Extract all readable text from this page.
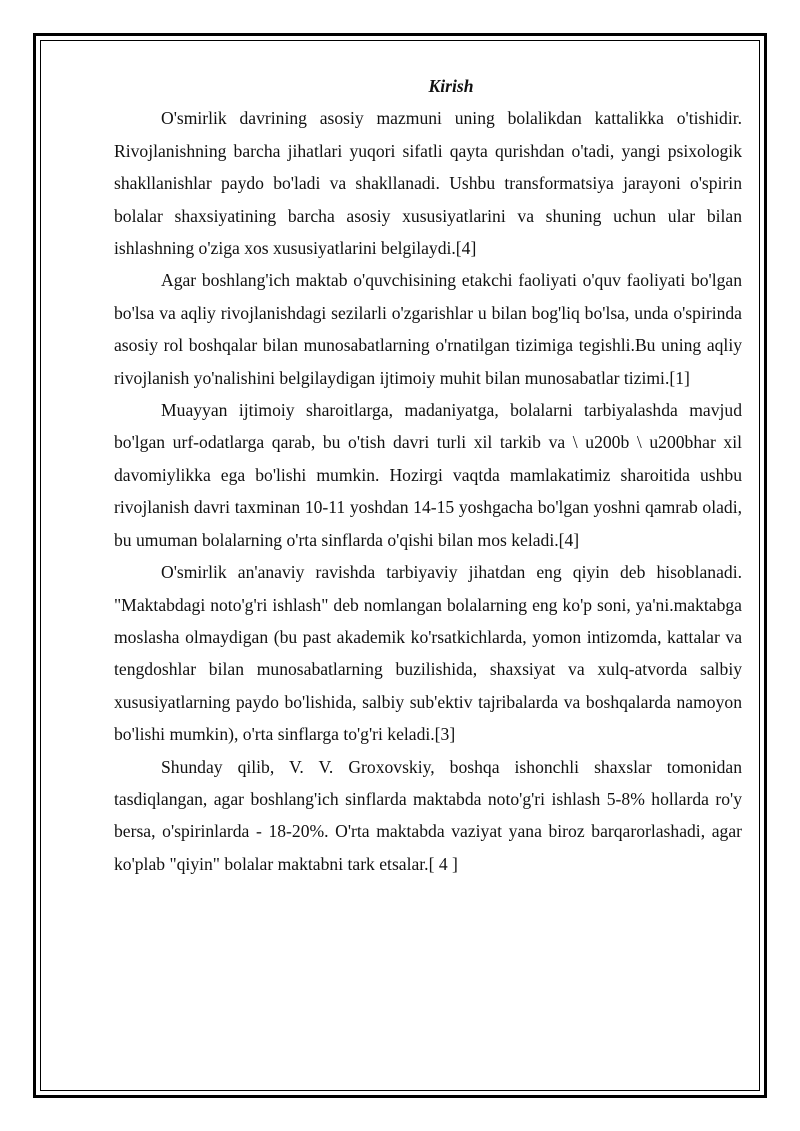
Kirish

O'smirlik davrining asosiy mazmuni uning bolalikdan kattalikka o'tishidir. Rivojlanishning barcha jihatlari yuqori sifatli qayta qurishdan o'tadi, yangi psixologik shakllanishlar paydo bo'ladi va shakllanadi. Ushbu transformatsiya jarayoni o'spirin bolalar shaxsiyatining barcha asosiy xususiyatlarini va shuning uchun ular bilan ishlashning o'ziga xos xususiyatlarini belgilaydi.[4]

Agar boshlang'ich maktab o'quvchisining etakchi faoliyati o'quv faoliyati bo'lgan bo'lsa va aqliy rivojlanishdagi sezilarli o'zgarishlar u bilan bog'liq bo'lsa, unda o'spirinda asosiy rol boshqalar bilan munosabatlarning o'rnatilgan tizimiga tegishli.Bu uning aqliy rivojlanish yo'nalishini belgilaydigan ijtimoiy muhit bilan munosabatlar tizimi.[1]

Muayyan ijtimoiy sharoitlarga, madaniyatga, bolalarni tarbiyalashda mavjud bo'lgan urf-odatlarga qarab, bu o'tish davri turli xil tarkib va \ u200b \ u200bhar xil davomiylikka ega bo'lishi mumkin. Hozirgi vaqtda mamlakatimiz sharoitida ushbu rivojlanish davri taxminan 10-11 yoshdan 14-15 yoshgacha bo'lgan yoshni qamrab oladi, bu umuman bolalarning o'rta sinflarda o'qishi bilan mos keladi.[4]

O'smirlik an'anaviy ravishda tarbiyaviy jihatdan eng qiyin deb hisoblanadi. "Maktabdagi noto'g'ri ishlash" deb nomlangan bolalarning eng ko'p soni, ya'ni.maktabga moslasha olmaydigan (bu past akademik ko'rsatkichlarda, yomon intizomda, kattalar va tengdoshlar bilan munosabatlarning buzilishida, shaxsiyat va xulq-atvorda salbiy xususiyatlarning paydo bo'lishida, salbiy sub'ektiv tajribalarda va boshqalarda namoyon bo'lishi mumkin), o'rta sinflarga to'g'ri keladi.[3]

Shunday qilib, V. V. Groxovskiy, boshqa ishonchli shaxslar tomonidan tasdiqlangan, agar boshlang'ich sinflarda maktabda noto'g'ri ishlash 5-8% hollarda ro'y bersa, o'spirinlarda - 18-20%. O'rta maktabda vaziyat yana biroz barqarorlashadi, agar ko'plab "qiyin" bolalar maktabni tark etsalar.[ 4 ]
